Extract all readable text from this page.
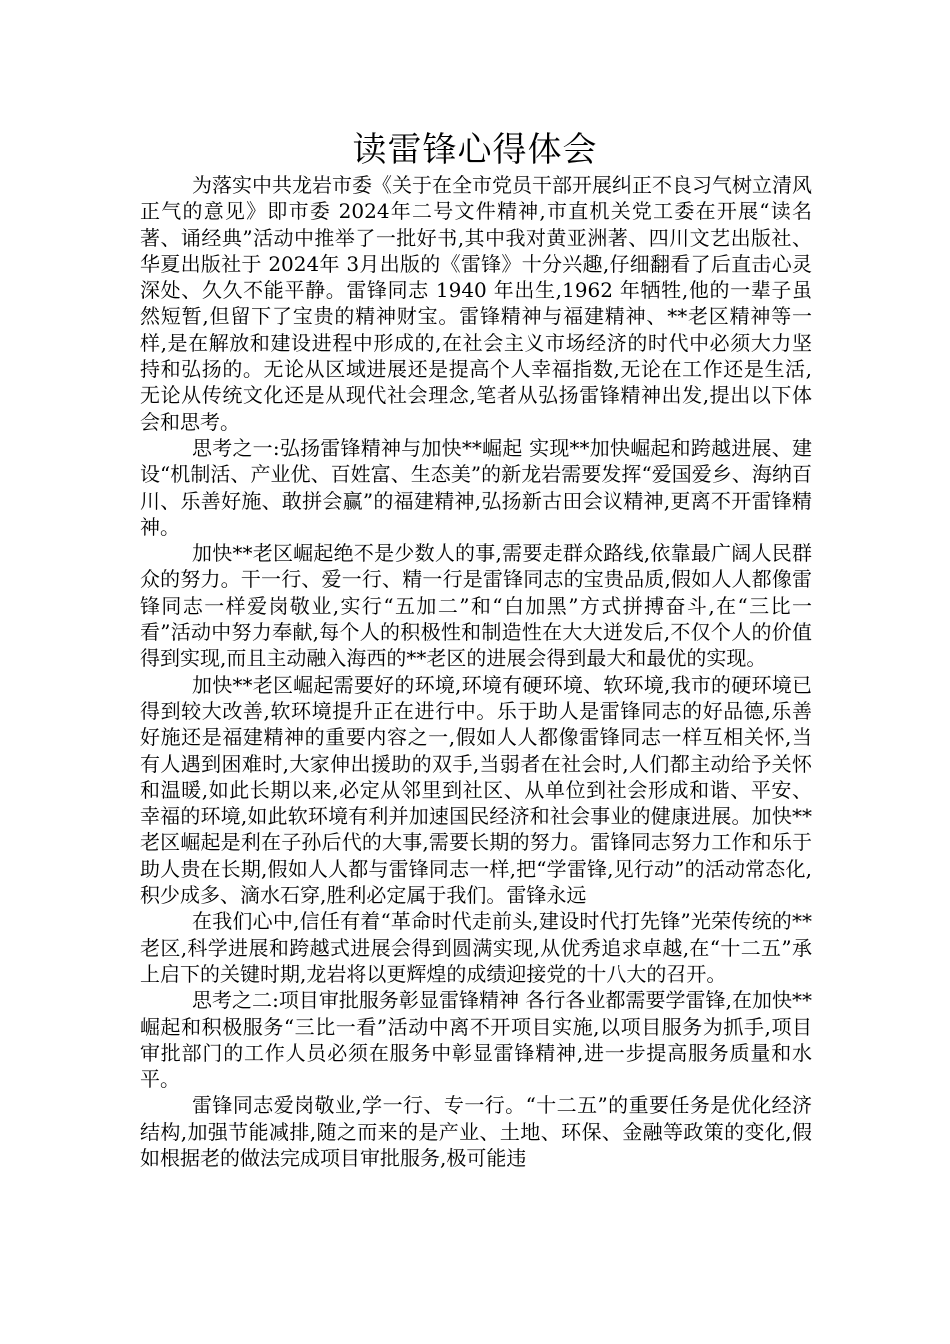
读雷锋心得体会

为落实中共龙岩市委《关于在全市党员干部开展纠正不良习气树立清风正气的意见》即市委 2024年二号文件精神,市直机关党工委在开展“读名著、诵经典”活动中推举了一批好书,其中我对黄亚洲著、四川文艺出版社、华夏出版社于 2024年 3月出版的《雷锋》十分兴趣,仔细翻看了后直击心灵深处、久久不能平静。雷锋同志 1940 年出生,1962 年牺牲,他的一辈子虽然短暂,但留下了宝贵的精神财宝。雷锋精神与福建精神、**老区精神等一样,是在解放和建设进程中形成的,在社会主义市场经济的时代中必须大力坚持和弘扬的。无论从区域进展还是提高个人幸福指数,无论在工作还是生活,无论从传统文化还是从现代社会理念,笔者从弘扬雷锋精神出发,提出以下体会和思考。

思考之一:弘扬雷锋精神与加快**崛起 实现**加快崛起和跨越进展、建设“机制活、产业优、百姓富、生态美”的新龙岩需要发挥“爱国爱乡、海纳百川、乐善好施、敢拼会赢”的福建精神,弘扬新古田会议精神,更离不开雷锋精神。

加快**老区崛起绝不是少数人的事,需要走群众路线,依靠最广阔人民群众的努力。干一行、爱一行、精一行是雷锋同志的宝贵品质,假如人人都像雷锋同志一样爱岗敬业,实行“五加二”和“白加黑”方式拼搏奋斗,在“三比一看”活动中努力奉献,每个人的积极性和制造性在大大迸发后,不仅个人的价值得到实现,而且主动融入海西的**老区的进展会得到最大和最优的实现。

加快**老区崛起需要好的环境,环境有硬环境、软环境,我市的硬环境已得到较大改善,软环境提升正在进行中。乐于助人是雷锋同志的好品德,乐善好施还是福建精神的重要内容之一,假如人人都像雷锋同志一样互相关怀,当有人遇到困难时,大家伸出援助的双手,当弱者在社会时,人们都主动给予关怀和温暖,如此长期以来,必定从邻里到社区、从单位到社会形成和谐、平安、幸福的环境,如此软环境有利并加速国民经济和社会事业的健康进展。加快**老区崛起是利在子孙后代的大事,需要长期的努力。雷锋同志努力工作和乐于助人贵在长期,假如人人都与雷锋同志一样,把“学雷锋,见行动”的活动常态化,积少成多、滴水石穿,胜利必定属于我们。雷锋永远

在我们心中,信任有着“革命时代走前头,建设时代打先锋”光荣传统的**老区,科学进展和跨越式进展会得到圆满实现,从优秀追求卓越,在“十二五”承上启下的关键时期,龙岩将以更辉煌的成绩迎接党的十八大的召开。

思考之二:项目审批服务彰显雷锋精神 各行各业都需要学雷锋,在加快**崛起和积极服务“三比一看”活动中离不开项目实施,以项目服务为抓手,项目审批部门的工作人员必须在服务中彰显雷锋精神,进一步提高服务质量和水平。

雷锋同志爱岗敬业,学一行、专一行。“十二五”的重要任务是优化经济结构,加强节能减排,随之而来的是产业、土地、环保、金融等政策的变化,假如根据老的做法完成项目审批服务,极可能违
